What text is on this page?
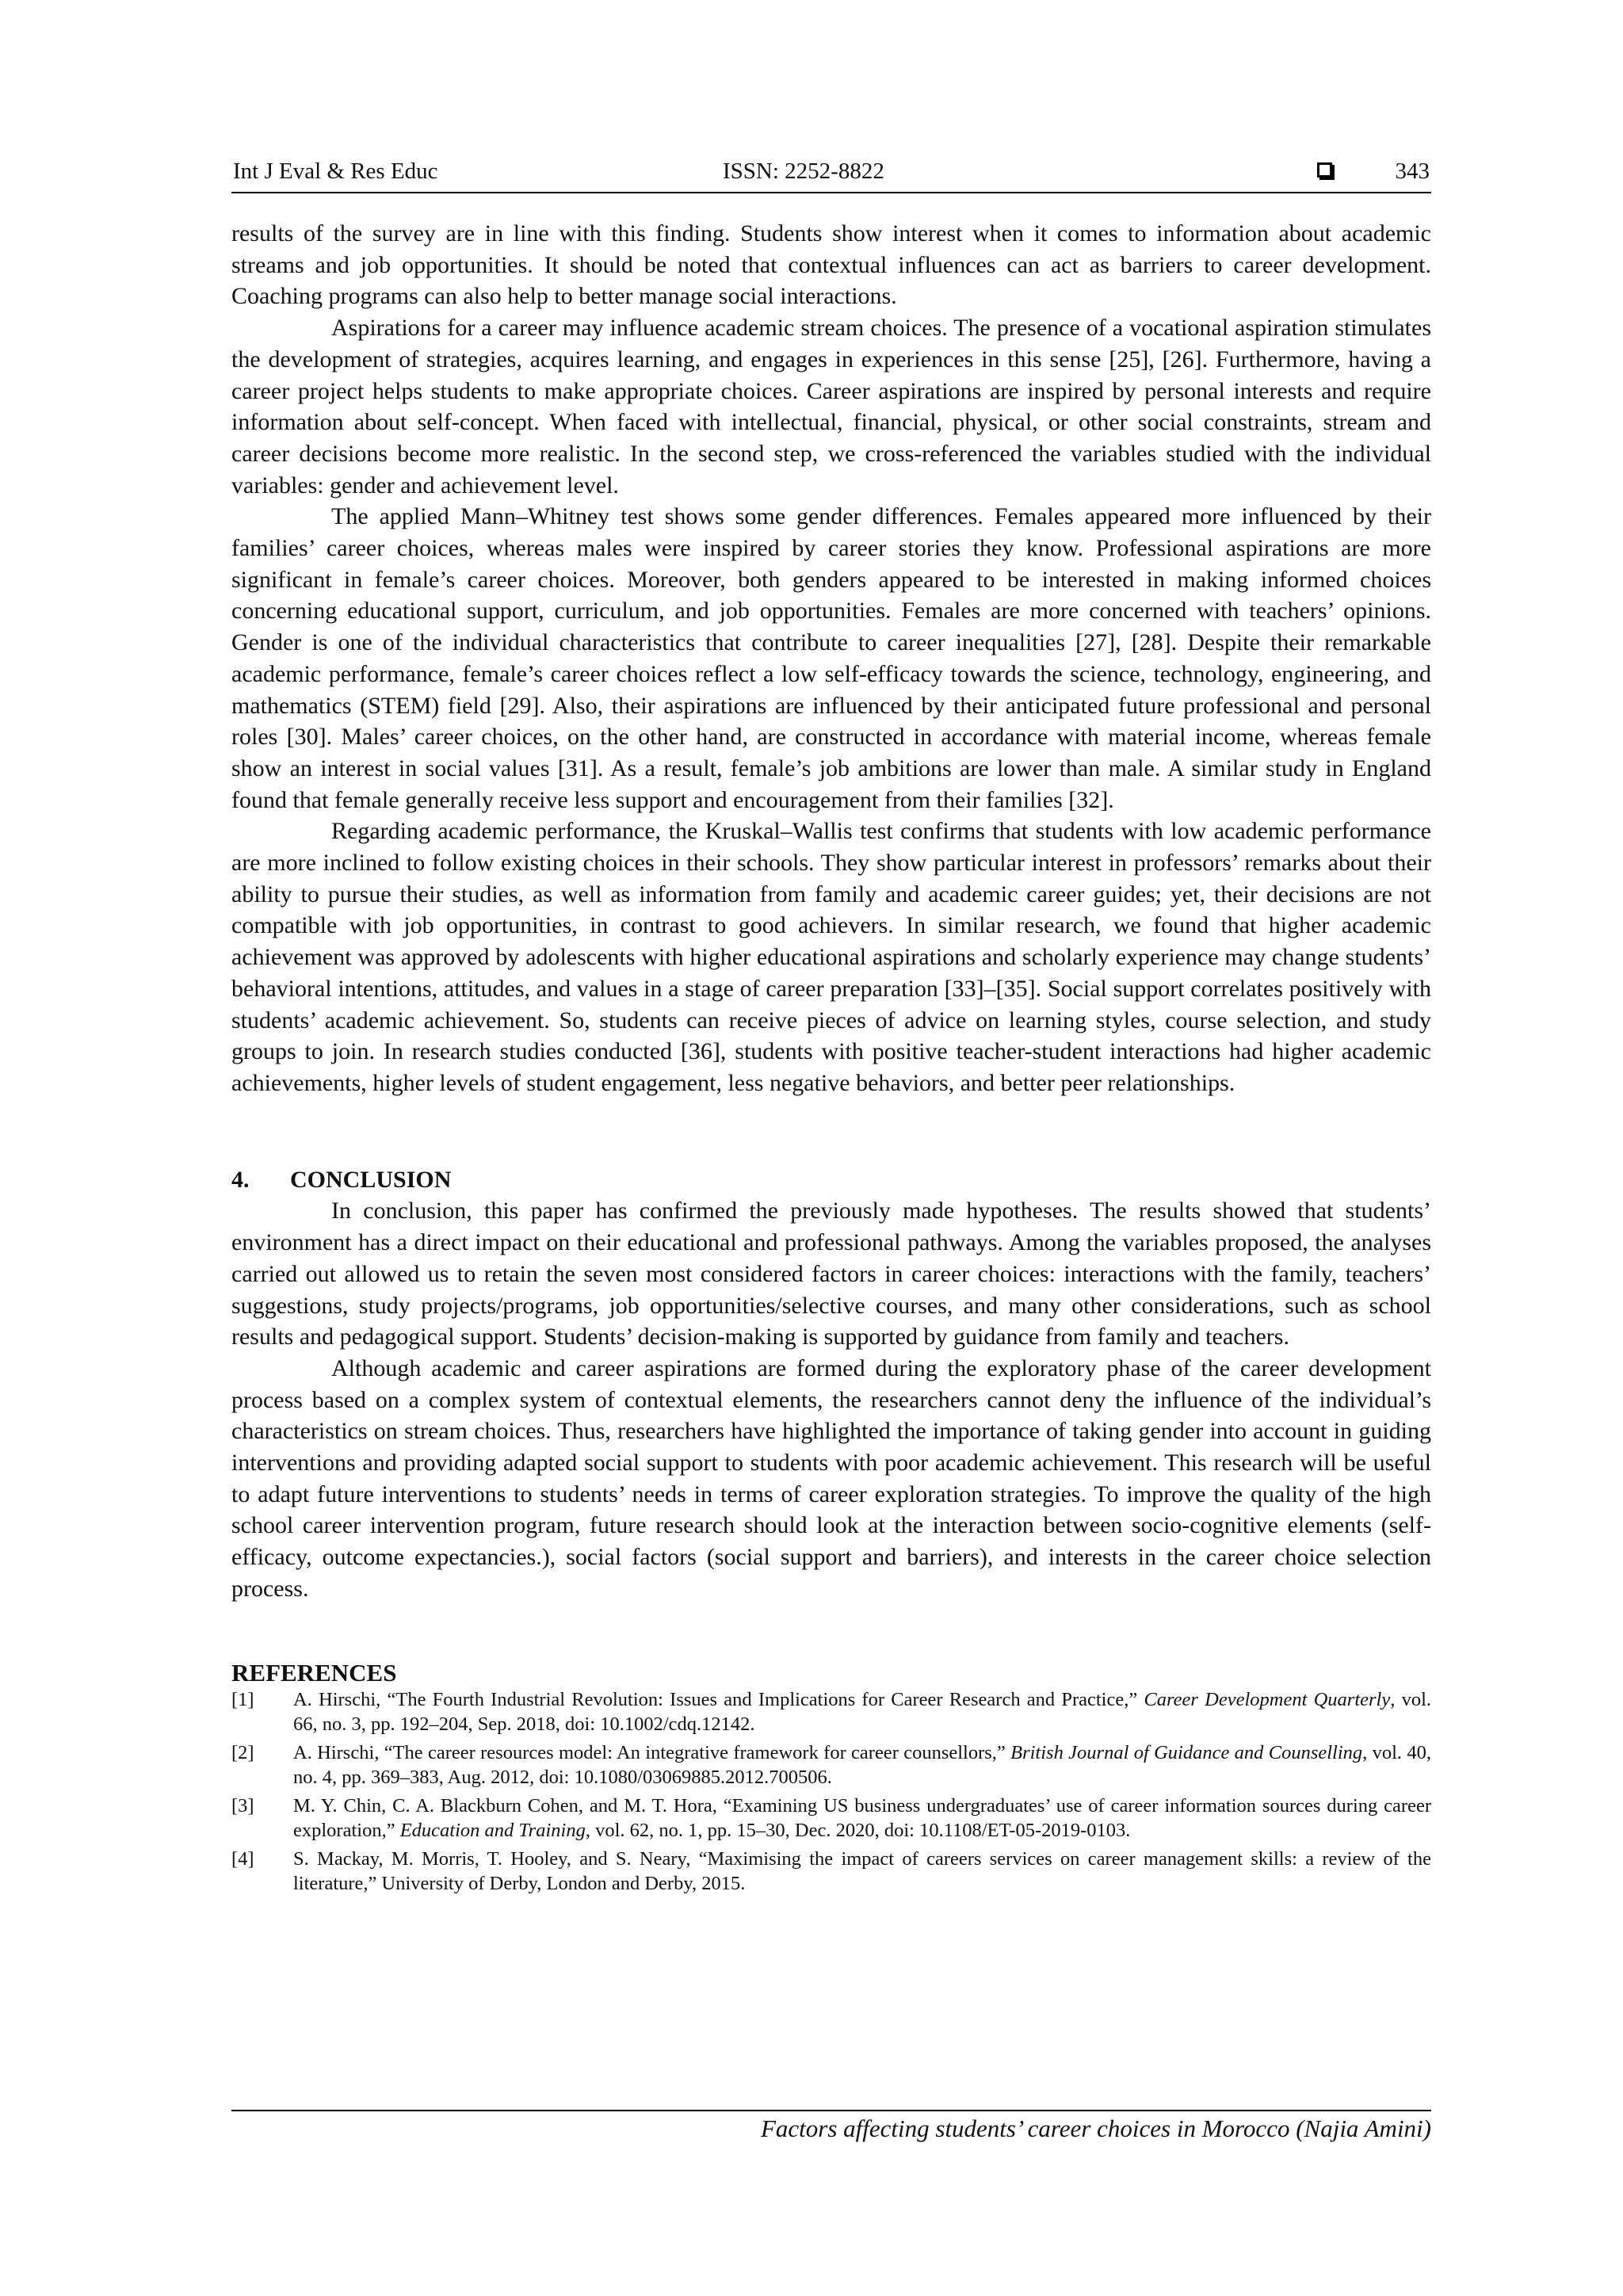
Int J Eval & Res Educ	ISSN: 2252-8822	343

results of the survey are in line with this finding. Students show interest when it comes to information about academic streams and job opportunities. It should be noted that contextual influences can act as barriers to career development. Coaching programs can also help to better manage social interactions.

Aspirations for a career may influence academic stream choices. The presence of a vocational aspiration stimulates the development of strategies, acquires learning, and engages in experiences in this sense [25], [26]. Furthermore, having a career project helps students to make appropriate choices. Career aspirations are inspired by personal interests and require information about self-concept. When faced with intellectual, financial, physical, or other social constraints, stream and career decisions become more realistic. In the second step, we cross-referenced the variables studied with the individual variables: gender and achievement level.

The applied Mann–Whitney test shows some gender differences. Females appeared more influenced by their families’ career choices, whereas males were inspired by career stories they know. Professional aspirations are more significant in female’s career choices. Moreover, both genders appeared to be interested in making informed choices concerning educational support, curriculum, and job opportunities. Females are more concerned with teachers’ opinions. Gender is one of the individual characteristics that contribute to career inequalities [27], [28]. Despite their remarkable academic performance, female’s career choices reflect a low self-efficacy towards the science, technology, engineering, and mathematics (STEM) field [29]. Also, their aspirations are influenced by their anticipated future professional and personal roles [30]. Males’ career choices, on the other hand, are constructed in accordance with material income, whereas female show an interest in social values [31]. As a result, female’s job ambitions are lower than male. A similar study in England found that female generally receive less support and encouragement from their families [32].

Regarding academic performance, the Kruskal–Wallis test confirms that students with low academic performance are more inclined to follow existing choices in their schools. They show particular interest in professors’ remarks about their ability to pursue their studies, as well as information from family and academic career guides; yet, their decisions are not compatible with job opportunities, in contrast to good achievers. In similar research, we found that higher academic achievement was approved by adolescents with higher educational aspirations and scholarly experience may change students’ behavioral intentions, attitudes, and values in a stage of career preparation [33]–[35]. Social support correlates positively with students’ academic achievement. So, students can receive pieces of advice on learning styles, course selection, and study groups to join. In research studies conducted [36], students with positive teacher-student interactions had higher academic achievements, higher levels of student engagement, less negative behaviors, and better peer relationships.

4. CONCLUSION

In conclusion, this paper has confirmed the previously made hypotheses. The results showed that students’ environment has a direct impact on their educational and professional pathways. Among the variables proposed, the analyses carried out allowed us to retain the seven most considered factors in career choices: interactions with the family, teachers’ suggestions, study projects/programs, job opportunities/selective courses, and many other considerations, such as school results and pedagogical support. Students’ decision-making is supported by guidance from family and teachers.

Although academic and career aspirations are formed during the exploratory phase of the career development process based on a complex system of contextual elements, the researchers cannot deny the influence of the individual’s characteristics on stream choices. Thus, researchers have highlighted the importance of taking gender into account in guiding interventions and providing adapted social support to students with poor academic achievement. This research will be useful to adapt future interventions to students’ needs in terms of career exploration strategies. To improve the quality of the high school career intervention program, future research should look at the interaction between socio-cognitive elements (self-efficacy, outcome expectancies.), social factors (social support and barriers), and interests in the career choice selection process.

REFERENCES

[1] A. Hirschi, “The Fourth Industrial Revolution: Issues and Implications for Career Research and Practice,” Career Development Quarterly, vol. 66, no. 3, pp. 192–204, Sep. 2018, doi: 10.1002/cdq.12142.
[2] A. Hirschi, “The career resources model: An integrative framework for career counsellors,” British Journal of Guidance and Counselling, vol. 40, no. 4, pp. 369–383, Aug. 2012, doi: 10.1080/03069885.2012.700506.
[3] M. Y. Chin, C. A. Blackburn Cohen, and M. T. Hora, “Examining US business undergraduates’ use of career information sources during career exploration,” Education and Training, vol. 62, no. 1, pp. 15–30, Dec. 2020, doi: 10.1108/ET-05-2019-0103.
[4] S. Mackay, M. Morris, T. Hooley, and S. Neary, “Maximising the impact of careers services on career management skills: a review of the literature,” University of Derby, London and Derby, 2015.
Factors affecting students’ career choices in Morocco (Najia Amini)
